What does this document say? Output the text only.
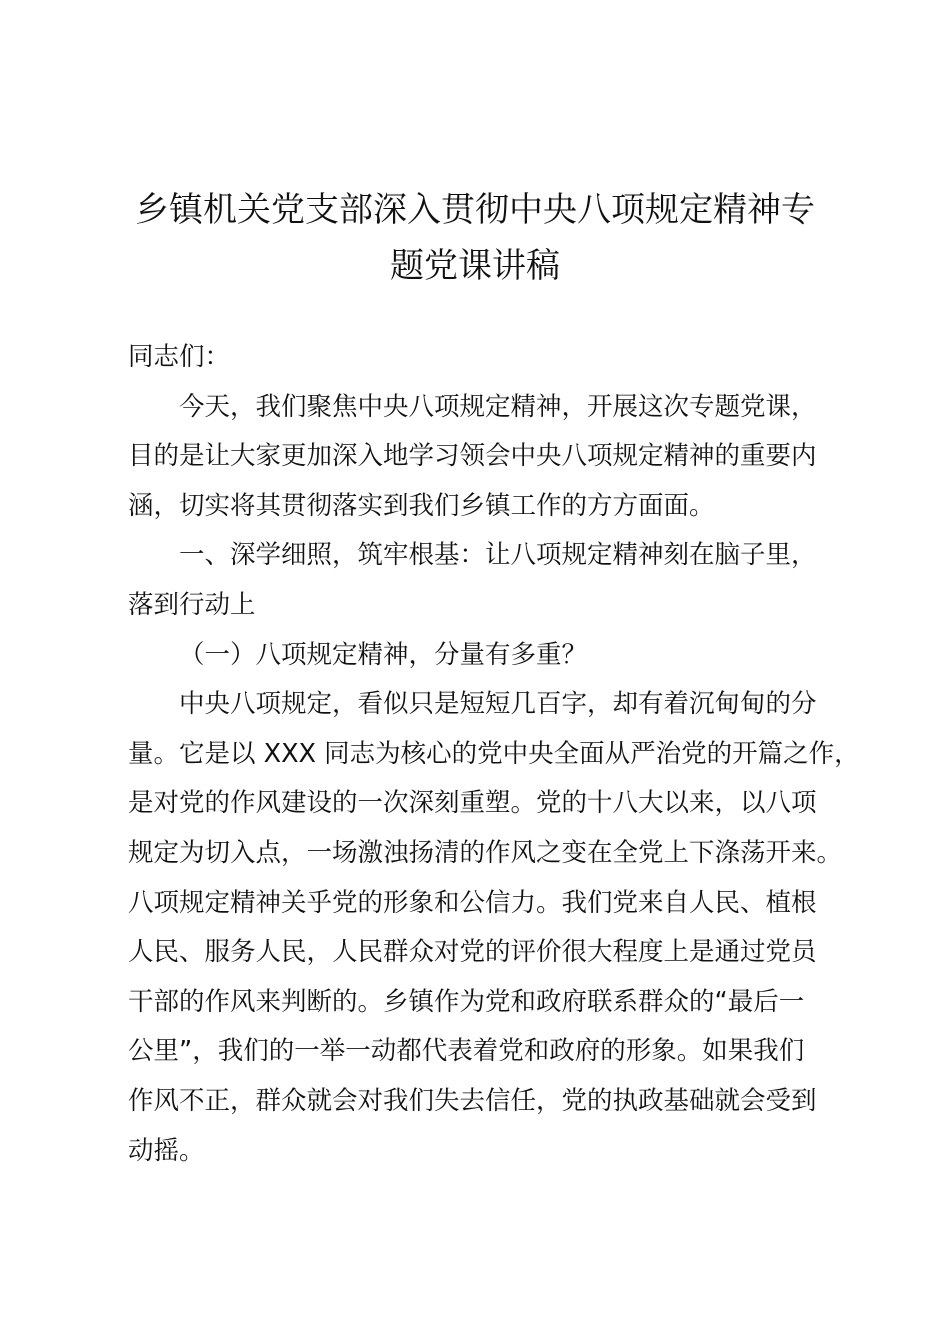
乡镇机关党支部深入贯彻中央八项规定精神专
题党课讲稿
同志们：
今天，我们聚焦中央八项规定精神，开展这次专题党课，
目的是让大家更加深入地学习领会中央八项规定精神的重要内
涵，切实将其贯彻落实到我们乡镇工作的方方面面。
一、深学细照，筑牢根基：让八项规定精神刻在脑子里，
落到行动上
（一）八项规定精神，分量有多重？
中央八项规定，看似只是短短几百字，却有着沉甸甸的分
量。它是以 XXX 同志为核心的党中央全面从严治党的开篇之作，
是对党的作风建设的一次深刻重塑。党的十八大以来，以八项
规定为切入点，一场激浊扬清的作风之变在全党上下涤荡开来。
八项规定精神关乎党的形象和公信力。我们党来自人民、植根
人民、服务人民，人民群众对党的评价很大程度上是通过党员
干部的作风来判断的。乡镇作为党和政府联系群众的“最后一
公里”，我们的一举一动都代表着党和政府的形象。如果我们
作风不正，群众就会对我们失去信任，党的执政基础就会受到
动摇。
